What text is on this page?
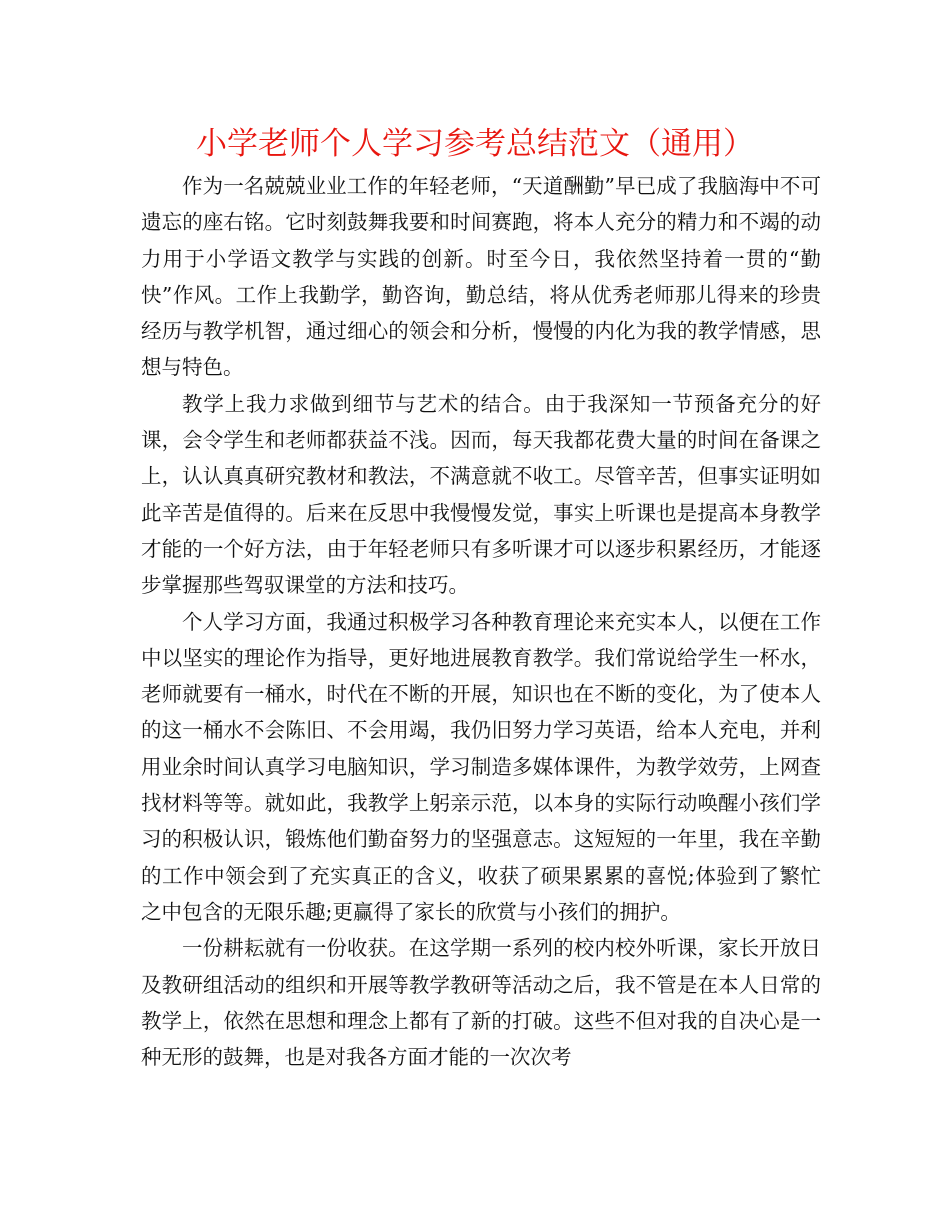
小学老师个人学习参考总结范文（通用）

作为一名兢兢业业工作的年轻老师，“天道酬勤”早已成了我脑海中不可遗忘的座右铭。它时刻鼓舞我要和时间赛跑，将本人充分的精力和不竭的动力用于小学语文教学与实践的创新。时至今日，我依然坚持着一贯的“勤快”作风。工作上我勤学，勤咨询，勤总结，将从优秀老师那儿得来的珍贵经历与教学机智，通过细心的领会和分析，慢慢的内化为我的教学情感，思想与特色。

教学上我力求做到细节与艺术的结合。由于我深知一节预备充分的好课，会令学生和老师都获益不浅。因而，每天我都花费大量的时间在备课之上，认认真真研究教材和教法，不满意就不收工。尽管辛苦，但事实证明如此辛苦是值得的。后来在反思中我慢慢发觉，事实上听课也是提高本身教学才能的一个好方法，由于年轻老师只有多听课才可以逐步积累经历，才能逐步掌握那些驾驭课堂的方法和技巧。

个人学习方面，我通过积极学习各种教育理论来充实本人，以便在工作中以坚实的理论作为指导，更好地进展教育教学。我们常说给学生一杯水，老师就要有一桶水，时代在不断的开展，知识也在不断的变化，为了使本人的这一桶水不会陈旧、不会用竭，我仍旧努力学习英语，给本人充电，并利用业余时间认真学习电脑知识，学习制造多媒体课件，为教学效劳，上网查找材料等等。就如此，我教学上躬亲示范，以本身的实际行动唤醒小孩们学习的积极认识，锻炼他们勤奋努力的坚强意志。这短短的一年里，我在辛勤的工作中领会到了充实真正的含义，收获了硕果累累的喜悦;体验到了繁忙之中包含的无限乐趣;更赢得了家长的欣赏与小孩们的拥护。

一份耕耘就有一份收获。在这学期一系列的校内校外听课，家长开放日及教研组活动的组织和开展等教学教研等活动之后，我不管是在本人日常的教学上，依然在思想和理念上都有了新的打破。这些不但对我的自决心是一种无形的鼓舞，也是对我各方面才能的一次次考
